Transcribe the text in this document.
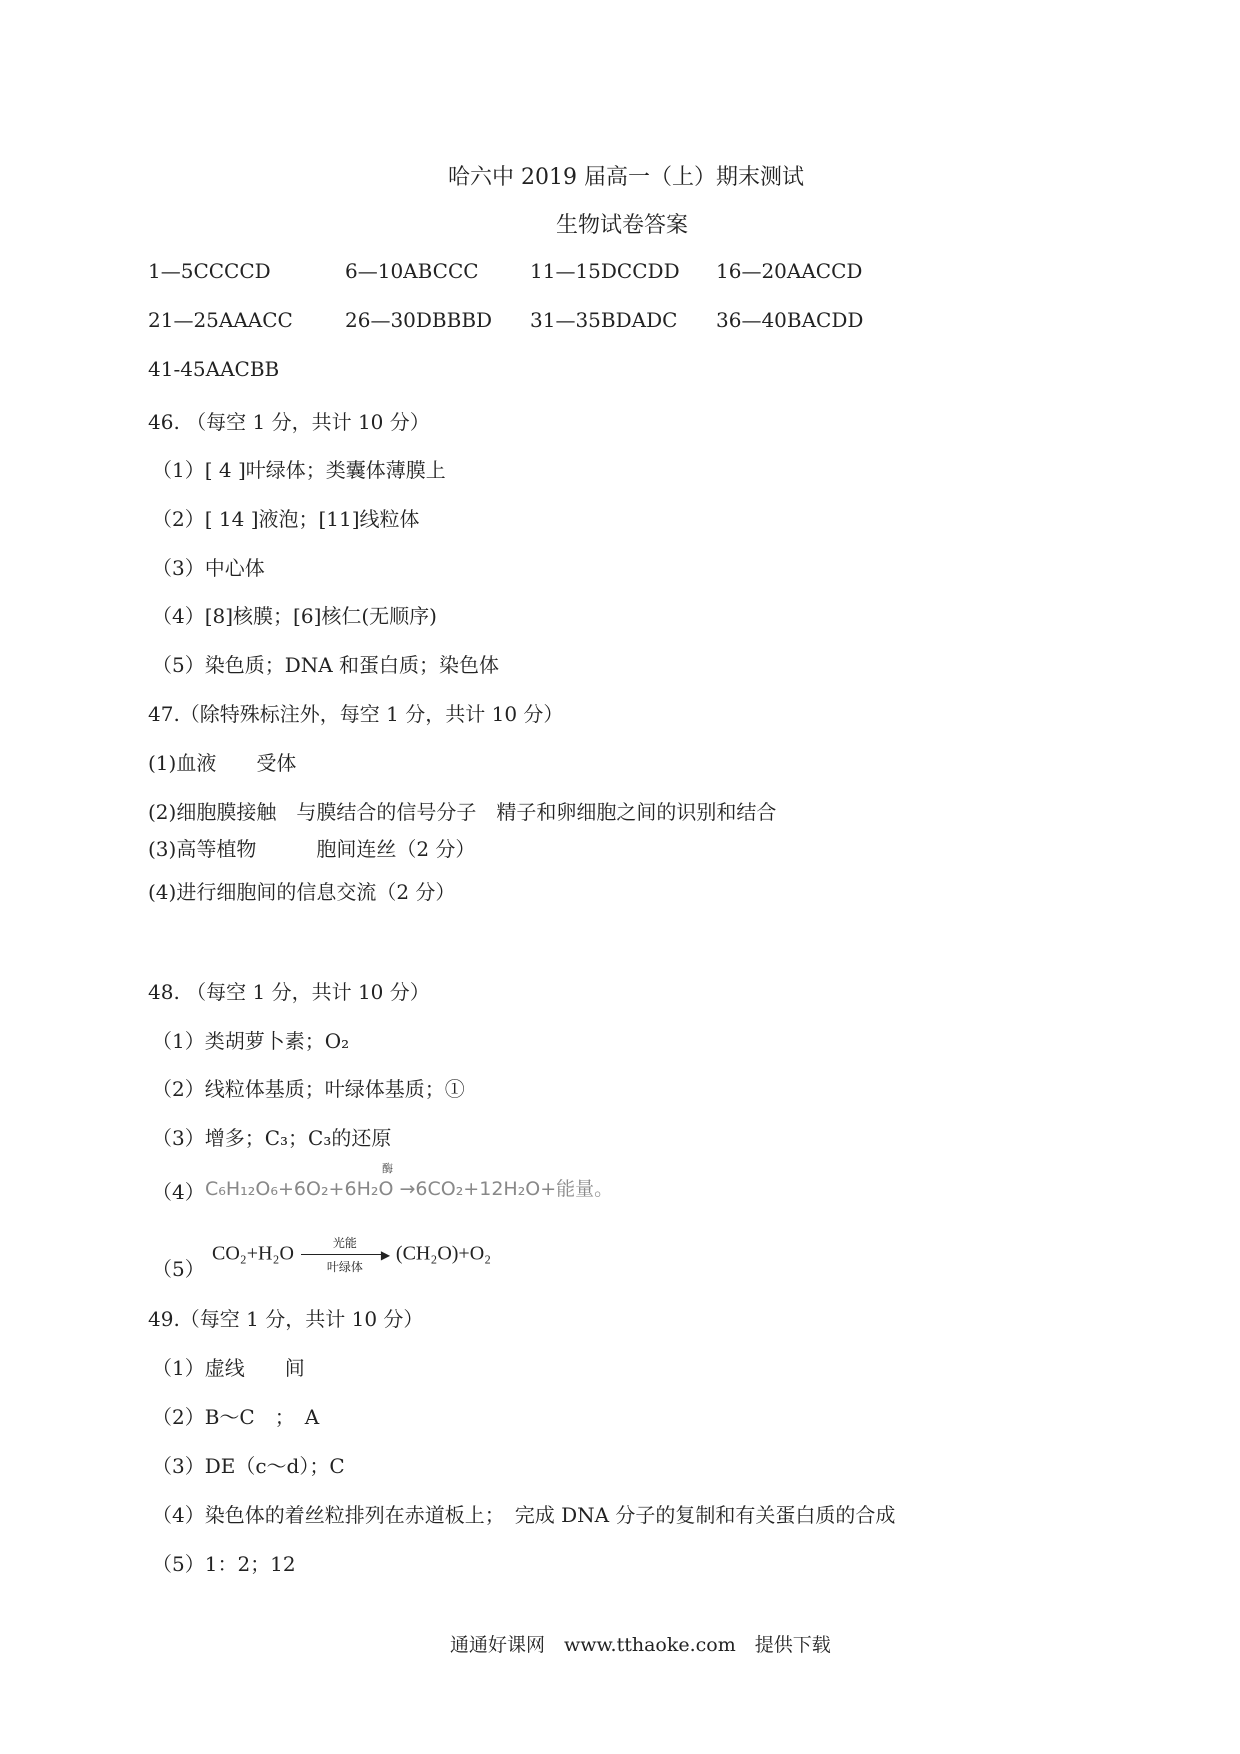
哈六中 2019 届高一（上）期末测试
生物试卷答案
1—5CCCCD	6—10ABCCC	11—15DCCDD 16—20AACCD
21—25AAACC	26—30DBBBD 31—35BDADC 36—40BACDD
41-45AACBB
46. （每空 1 分，共计 10 分）
（1）[ 4 ]叶绿体；类囊体薄膜上
（2）[ 14 ]液泡；[11]线粒体
（3）中心体
（4）[8]核膜；[6]核仁(无顺序)
（5）染色质；DNA 和蛋白质；染色体
47.（除特殊标注外，每空 1 分，共计 10 分）
(1)血液　　受体
(2)细胞膜接触　与膜结合的信号分子　精子和卵细胞之间的识别和结合
(3)高等植物　　　胞间连丝（2 分）
(4)进行细胞间的信息交流（2 分）
48. （每空 1 分，共计 10 分）
（1）类胡萝卜素；O₂
（2）线粒体基质；叶绿体基质；①
（3）增多；C₃；C₃的还原
（4） C₆H₁₂O₆+6O₂+6H₂O →6CO₂+12H₂O+能量。
酶
（5）
CO₂+H₂O	光能
▶
叶绿体
(CH₂O)+O₂
49.（每空 1 分，共计 10 分）
（1）虚线　　间
（2）B～C　；　A
（3）DE（c～d）；C
（4）染色体的着丝粒排列在赤道板上；　完成 DNA 分子的复制和有关蛋白质的合成
（5）1：2；12
通通好课网　www.tthaoke.com　提供下载
